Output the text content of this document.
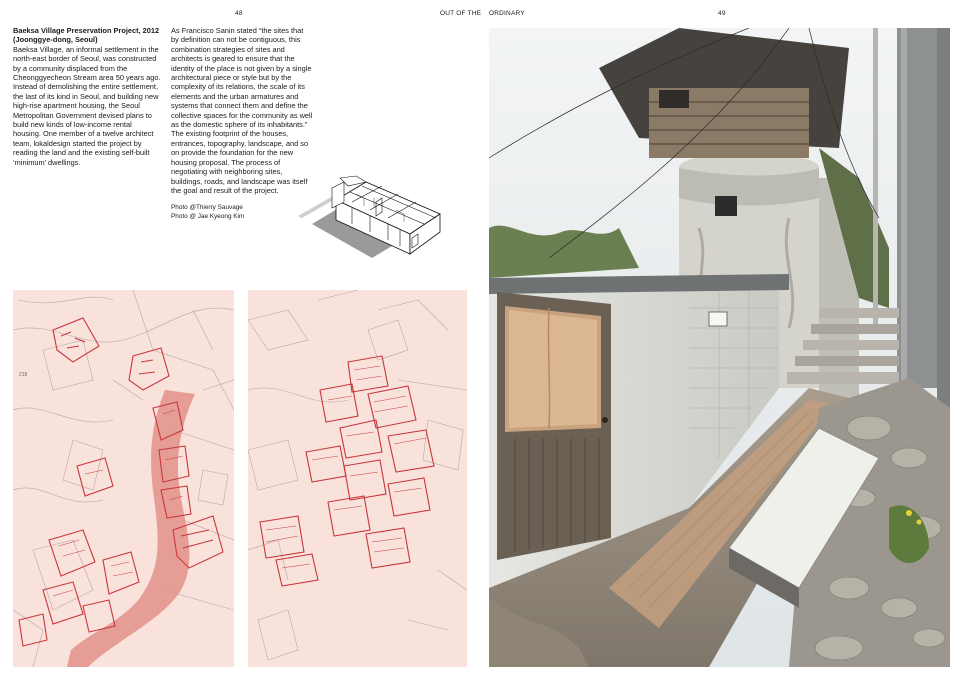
48	OUT OF THE ORDINARY	49
Baeksa Village Preservation Project, 2012 (Joonggye-dong, Seoul)
Baeksa Village, an informal settlement in the north-east border of Seoul, was constructed by a community displaced from the Cheonggyecheon Stream area 50 years ago. Instead of demolishing the entire settlement, the last of its kind in Seoul, and building new high-rise apartment housing, the Seoul Metropolitan Government devised plans to build new kinds of low-income rental housing. One member of a twelve architect team, lokaldesign started the project by reading the land and the existing self-built ‘minimum’ dwellings.
As Francisco Sanin stated “the sites that by definition can not be contiguous, this combination strategies of sites and architects is geared to ensure that the identity of the place is not given by a single architectural piece or style but by the complexity of its relations, the scale of its elements and the urban armatures and systems that connect them and define the collective spaces for the community as well as the domestic sphere of its inhabitants.” The existing footprint of the houses, entrances, topography, landscape, and so on provide the foundation for the new housing proposal. The process of negotiating with neighboring sites, buildings, roads, and landscape was itself the goal and result of the project.
Photo @Thierry Sauvage
Photo @ Jae Kyeong Kim
218
